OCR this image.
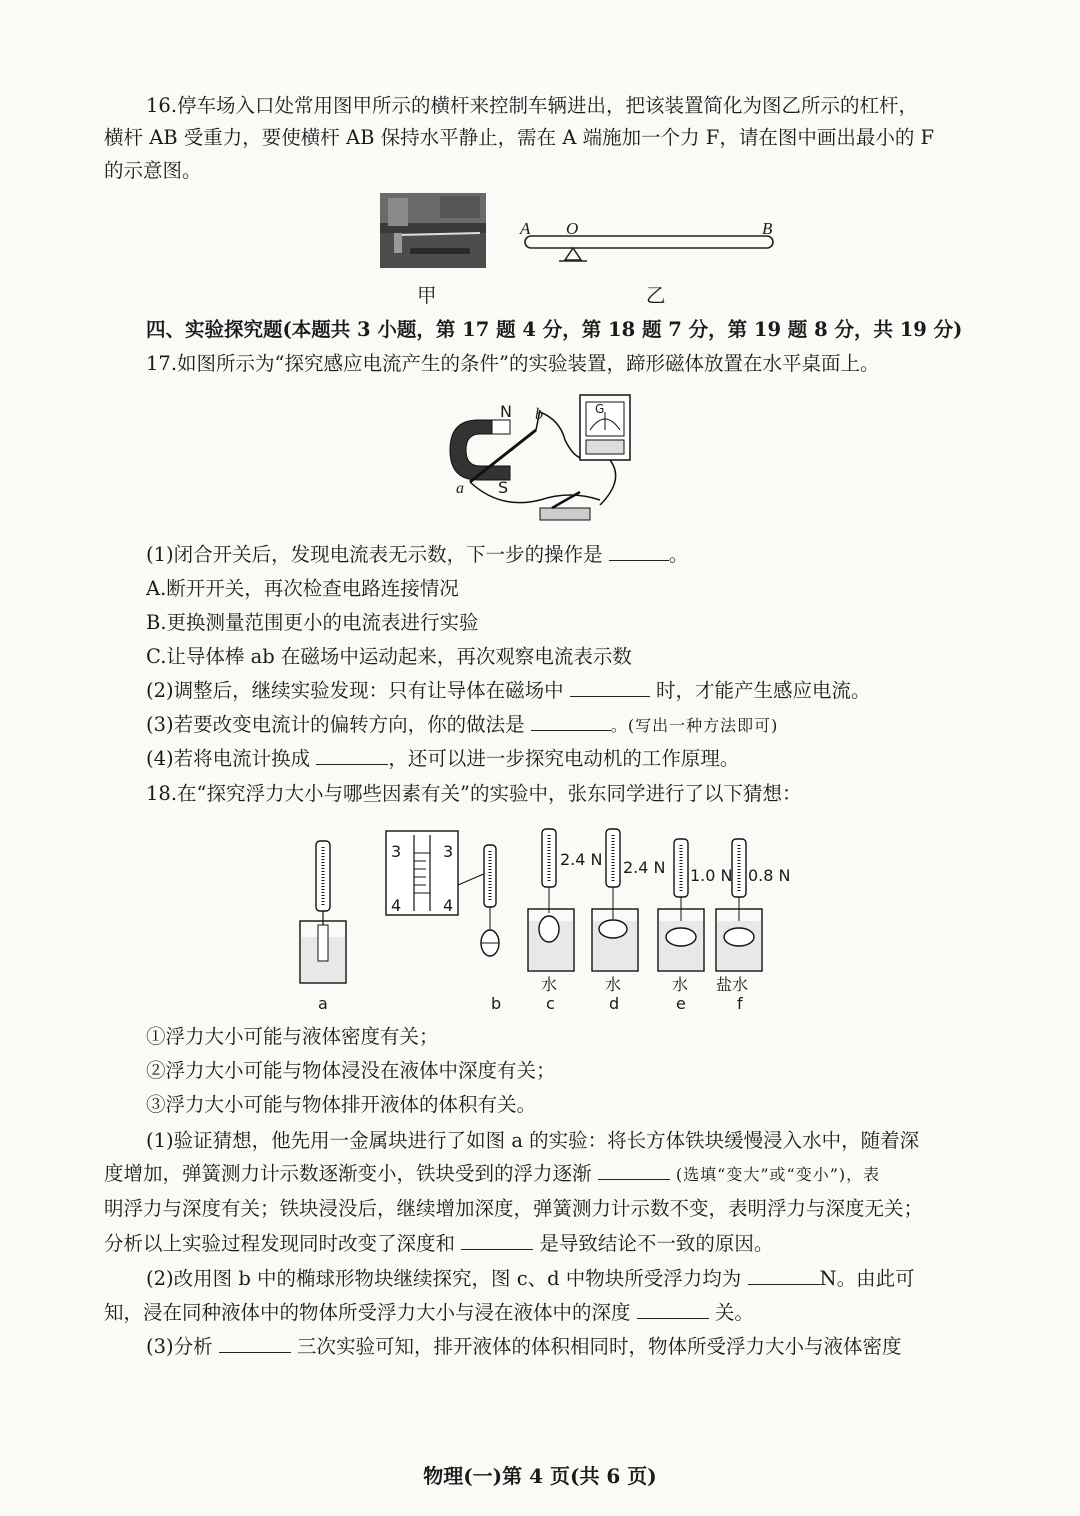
16.停车场入口处常用图甲所示的横杆来控制车辆进出，把该装置简化为图乙所示的杠杆，
横杆 AB 受重力，要使横杆 AB 保持水平静止，需在 A 端施加一个力 F，请在图中画出最小的 F
的示意图。
甲
A O	B
乙
四、实验探究题(本题共 3 小题，第 17 题 4 分，第 18 题 7 分，第 19 题 8 分，共 19 分)
17.如图所示为“探究感应电流产生的条件”的实验装置，蹄形磁体放置在水平桌面上。
N
S
a
b	G
(1)闭合开关后，发现电流表无示数，下一步的操作是	。
A.断开开关，再次检查电路连接情况
B.更换测量范围更小的电流表进行实验
C.让导体棒 ab 在磁场中运动起来，再次观察电流表示数
(2)调整后，继续实验发现：只有让导体在磁场中	时，才能产生感应电流。
(3)若要改变电流计的偏转方向，你的做法是	。(写出一种方法即可)
(4)若将电流计换成	，还可以进一步探究电动机的工作原理。
18.在“探究浮力大小与哪些因素有关”的实验中，张东同学进行了以下猜想：
3	3
4	4
2.4 N 2.4 N 1.0 N 0.8 N
水	水	水 盐水
a	b	c	d	e	f
①浮力大小可能与液体密度有关；
②浮力大小可能与物体浸没在液体中深度有关；
③浮力大小可能与物体排开液体的体积有关。
(1)验证猜想，他先用一金属块进行了如图 a 的实验：将长方体铁块缓慢浸入水中，随着深
度增加，弹簧测力计示数逐渐变小，铁块受到的浮力逐渐	(选填“变大”或“变小”)，表
明浮力与深度有关；铁块浸没后，继续增加深度，弹簧测力计示数不变，表明浮力与深度无关；
分析以上实验过程发现同时改变了深度和	是导致结论不一致的原因。
(2)改用图 b 中的椭球形物块继续探究，图 c、d 中物块所受浮力均为	N。由此可
知，浸在同种液体中的物体所受浮力大小与浸在液体中的深度	关。
(3)分析	三次实验可知，排开液体的体积相同时，物体所受浮力大小与液体密度
物理(一)第 4 页(共 6 页)
